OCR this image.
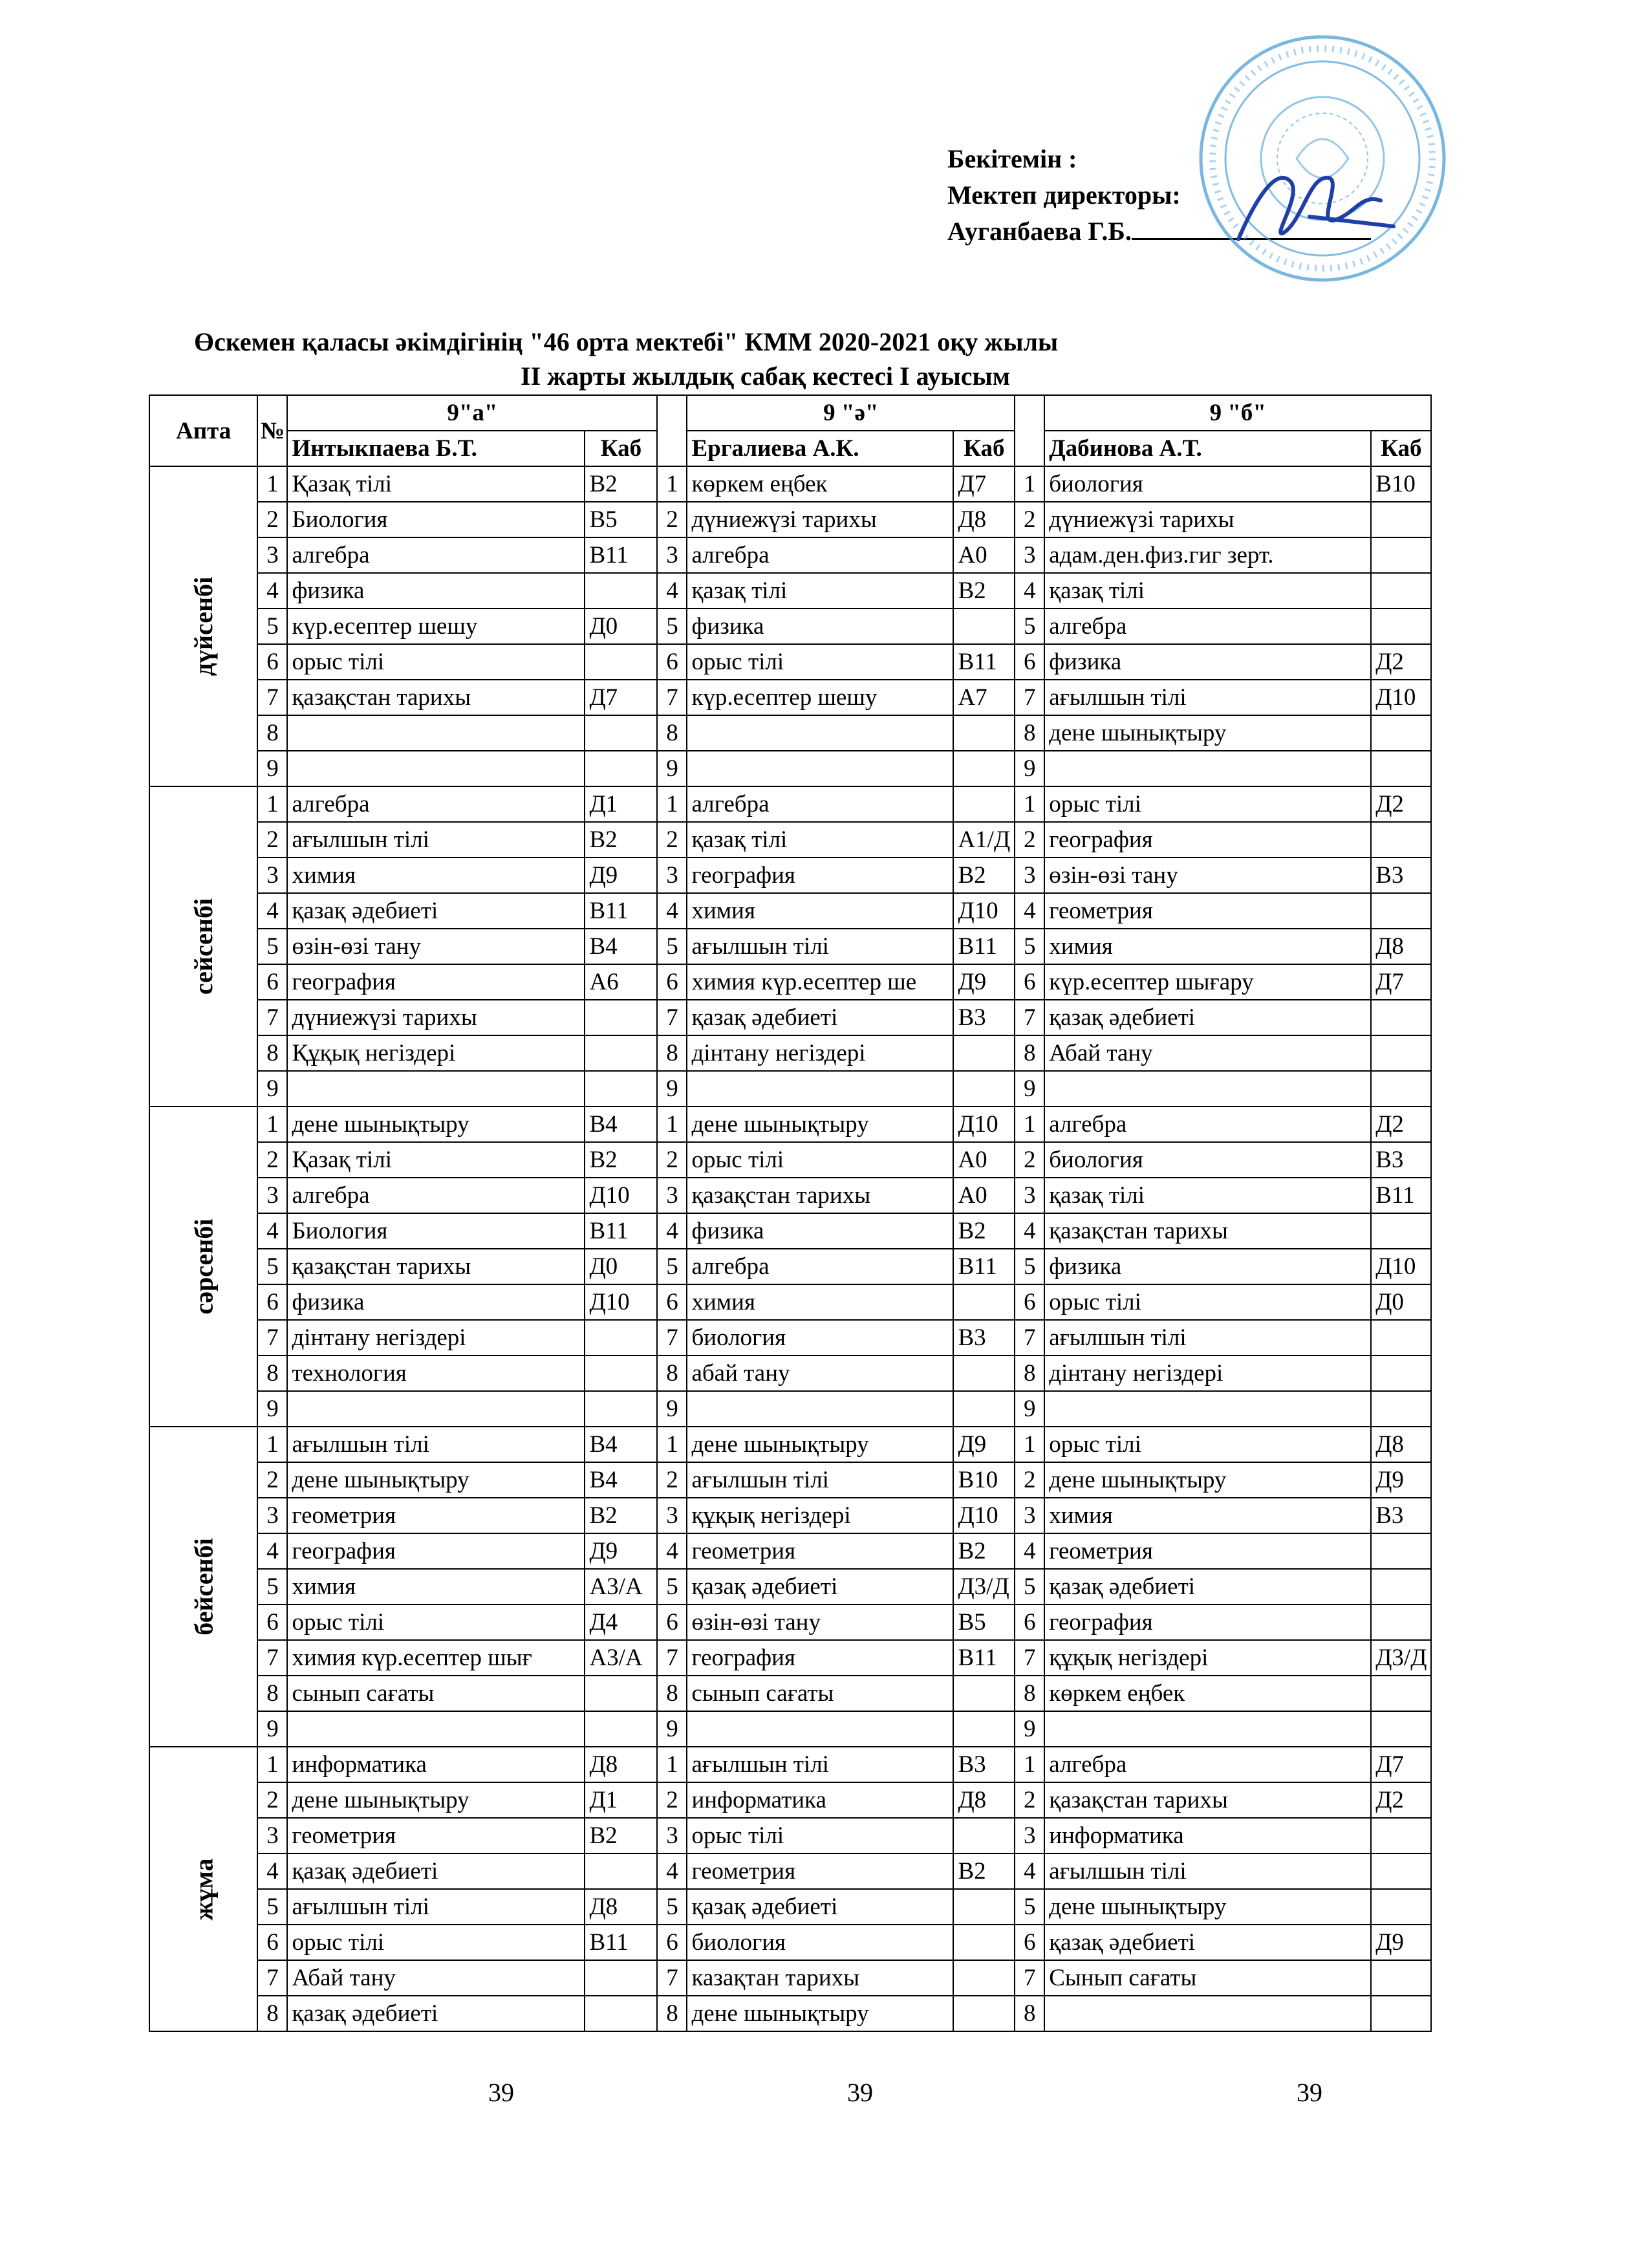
Бекітемін :
Мектеп директоры:
Ауганбаева Г.Б.
Өскемен қаласы әкімдігінің "46 орта мектебі" КММ 2020-2021 оқу жылы
II жарты жылдық сабақ кестесі I ауысым
Апта	№	9"а"			9 "ә"			9 "б"	
		Интыкпаева Б.Т.	Каб		Ергалиева А.К.	Каб		Дабинова А.Т.	Каб
дүйсенбі	1	Қазақ тілі	В2	1	көркем еңбек	Д7	1	биология	В10
	2	Биология	В5	2	дүниежүзі тарихы	Д8	2	дүниежүзі тарихы	
	3	алгебра	В11	3	алгебра	А0	3	адам.ден.физ.гиг зерт.	
	4	физика		4	қазақ тілі	В2	4	қазақ тілі	
	5	күр.есептер шешу	Д0	5	физика		5	алгебра	
	6	орыс тілі		6	орыс тілі	В11	6	физика	Д2
	7	қазақстан тарихы	Д7	7	күр.есептер шешу	А7	7	ағылшын тілі	Д10
	8			8			8	дене шынықтыру	
	9			9			9		
сейсенбі	1	алгебра	Д1	1	алгебра		1	орыс тілі	Д2
	2	ағылшын тілі	В2	2	қазақ тілі	А1/Д	2	география	
	3	химия	Д9	3	география	В2	3	өзін-өзі тану	В3
	4	қазақ әдебиеті	В11	4	химия	Д10	4	геометрия	
	5	өзін-өзі тану	В4	5	ағылшын тілі	В11	5	химия	Д8
	6	география	А6	6	химия күр.есептер ше	Д9	6	күр.есептер шығару	Д7
	7	дүниежүзі тарихы		7	қазақ әдебиеті	В3	7	қазақ әдебиеті	
	8	Құқық негіздері		8	дінтану негіздері		8	Абай тану	
	9			9			9		
сәрсенбі	1	дене шынықтыру	В4	1	дене шынықтыру	Д10	1	алгебра	Д2
	2	Қазақ тілі	В2	2	орыс тілі	А0	2	биология	В3
	3	алгебра	Д10	3	қазақстан тарихы	А0	3	қазақ тілі	В11
	4	Биология	В11	4	физика	В2	4	қазақстан тарихы	
	5	қазақстан тарихы	Д0	5	алгебра	В11	5	физика	Д10
	6	физика	Д10	6	химия		6	орыс тілі	Д0
	7	дінтану негіздері		7	биология	В3	7	ағылшын тілі	
	8	технология		8	абай тану		8	дінтану негіздері	
	9			9			9		
бейсенбі	1	ағылшын тілі	В4	1	дене шынықтыру	Д9	1	орыс тілі	Д8
	2	дене шынықтыру	В4	2	ағылшын тілі	В10	2	дене шынықтыру	Д9
	3	геометрия	В2	3	құқық негіздері	Д10	3	химия	В3
	4	география	Д9	4	геометрия	В2	4	геометрия	
	5	химия	А3/А	5	қазақ әдебиеті	Д3/Д	5	қазақ әдебиеті	
	6	орыс тілі	Д4	6	өзін-өзі тану	В5	6	география	
	7	химия күр.есептер шығ	А3/А	7	география	В11	7	құқық негіздері	Д3/Д
	8	сынып сағаты		8	сынып сағаты		8	көркем еңбек	
	9			9			9		
жұма	1	информатика	Д8	1	ағылшын тілі	В3	1	алгебра	Д7
	2	дене шынықтыру	Д1	2	информатика	Д8	2	қазақстан тарихы	Д2
	3	геометрия	В2	3	орыс тілі		3	информатика	
	4	қазақ әдебиеті		4	геометрия	В2	4	ағылшын тілі	
	5	ағылшын тілі	Д8	5	қазақ әдебиеті		5	дене шынықтыру	
	6	орыс тілі	В11	6	биология		6	қазақ әдебиеті	Д9
	7	Абай тану		7	казақтан тарихы		7	Сынып сағаты	
	8	қазақ әдебиеті		8	дене шынықтыру		8		
39	39	39
